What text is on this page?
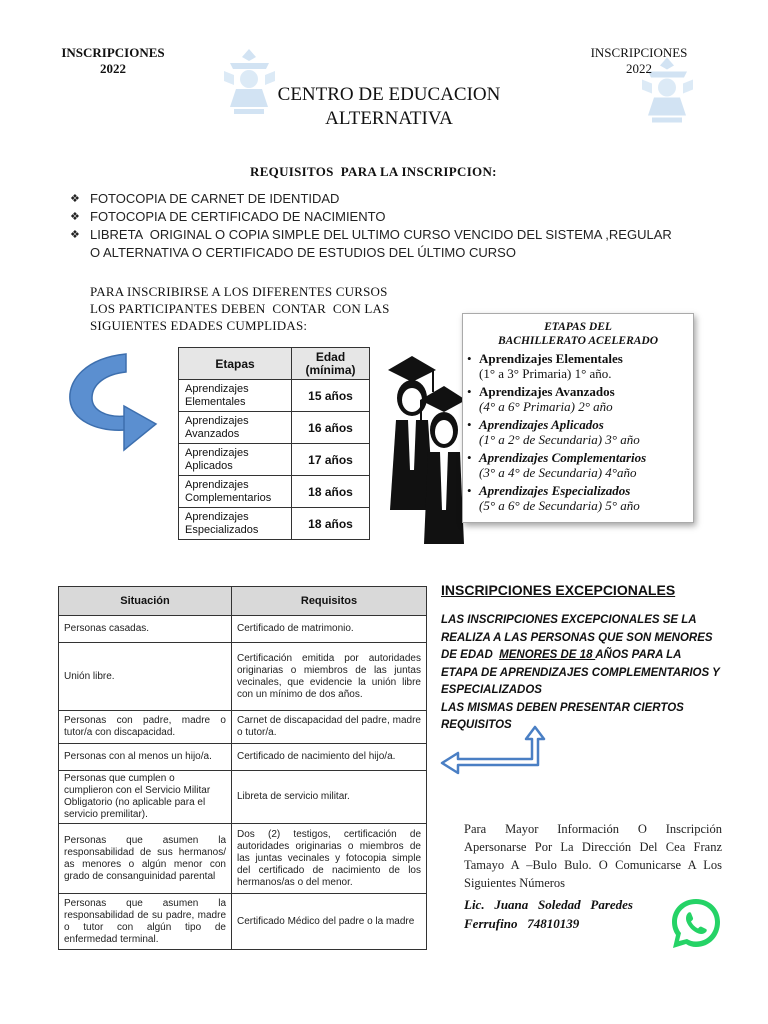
INSCRIPCIONES
2022
INSCRIPCIONES
2022
CENTRO DE EDUCACION
ALTERNATIVA
REQUISITOS  PARA LA INSCRIPCION:
❖ FOTOCOPIA DE CARNET DE IDENTIDAD
❖ FOTOCOPIA DE CERTIFICADO DE NACIMIENTO
❖ LIBRETA  ORIGINAL O COPIA SIMPLE DEL ULTIMO CURSO VENCIDO DEL SISTEMA ,REGULAR O ALTERNATIVA O CERTIFICADO DE ESTUDIOS DEL ÚLTIMO CURSO
PARA INSCRIBIRSE A LOS DIFERENTES CURSOS
LOS PARTICIPANTES DEBEN  CONTAR  CON LAS
SIGUIENTES EDADES CUMPLIDAS:
Etapas	Edad
(mínima)

Aprendizajes
Elementales	15 años

Aprendizajes
Avanzados	16 años

Aprendizajes
Aplicados	17 años

Aprendizajes
Complementarios	18 años

Aprendizajes
Especializados	18 años
ETAPAS DEL
BACHILLERATO ACELERADO
• Aprendizajes Elementales
(1° a 3° Primaria) 1° año.
• Aprendizajes Avanzados
(4° a 6° Primaria) 2° año
• Aprendizajes Aplicados
(1° a 2° de Secundaria) 3° año
• Aprendizajes Complementarios
(3° a 4° de Secundaria) 4°año
• Aprendizajes Especializados
(5° a 6° de Secundaria) 5° año
Situación	Requisitos
Personas casadas.	Certificado de matrimonio.
Unión libre.	Certificación emitida por autoridades originarias o miembros de las juntas vecinales, que evidencie la unión libre con un mínimo de dos años.
Personas con padre, madre o tutor/a con discapacidad.	Carnet de discapacidad del padre, madre o tutor/a.
Personas con al menos un hijo/a.	Certificado de nacimiento del hijo/a.
Personas que cumplen o cumplieron con el Servicio Militar Obligatorio (no aplicable para el servicio premilitar).	Libreta de servicio militar.
Personas que asumen la responsabilidad de sus hermanos/ as menores o algún menor con grado de consanguinidad parental	Dos (2) testigos, certificación de autoridades originarias o miembros de las juntas vecinales y fotocopia simple del certificado de nacimiento de los hermanos/as o del menor.
Personas que asumen la responsabilidad de su padre, madre o tutor con algún tipo de enfermedad terminal.	Certificado Médico del padre o la madre
INSCRIPCIONES EXCEPCIONALES
LAS INSCRIPCIONES EXCEPCIONALES SE LA
REALIZA A LAS PERSONAS QUE SON MENORES
DE EDAD  MENORES DE 18 AÑOS PARA LA
ETAPA DE APRENDIZAJES COMPLEMENTARIOS Y
ESPECIALIZADOS
LAS MISMAS DEBEN PRESENTAR CIERTOS
REQUISITOS
Para Mayor Información O Inscripción Apersonarse Por La Dirección Del Cea Franz Tamayo A –Bulo Bulo. O Comunicarse A Los Siguientes Números
Lic.   Juana   Soledad   Paredes
Ferrufino   74810139
